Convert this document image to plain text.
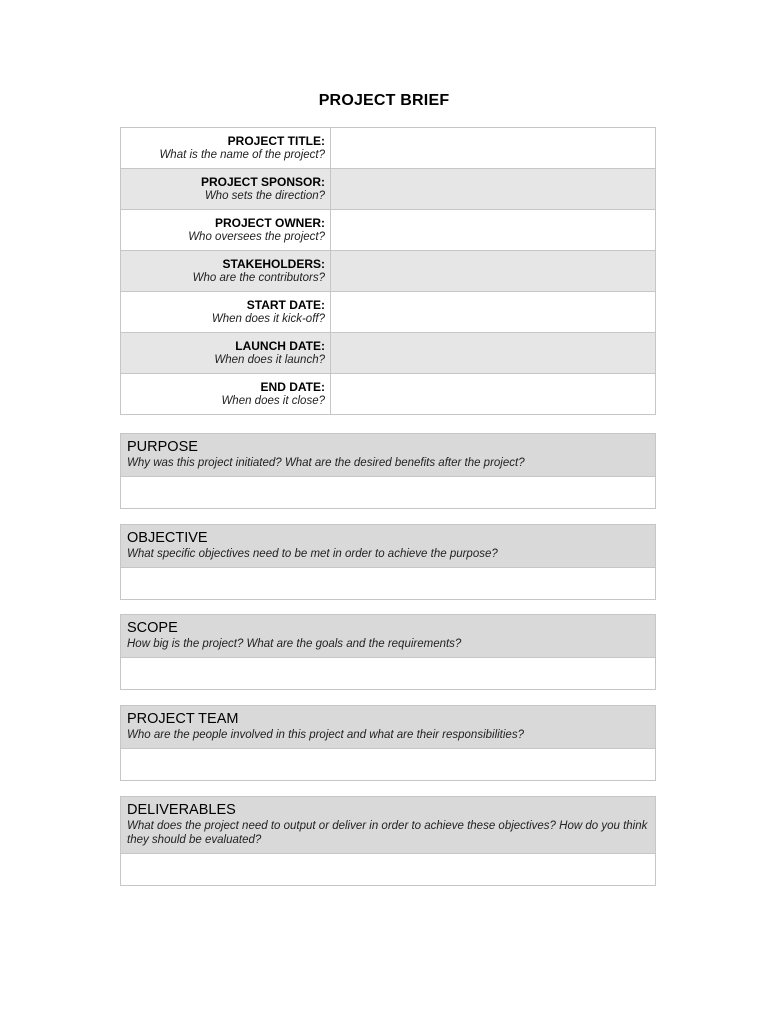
PROJECT BRIEF
PROJECT TITLE:
What is the name of the project?	

PROJECT SPONSOR:
Who sets the direction?	

PROJECT OWNER:
Who oversees the project?	

STAKEHOLDERS:
Who are the contributors?	

START DATE:
When does it kick-off?	

LAUNCH DATE:
When does it launch?	

END DATE:
When does it close?	

PURPOSE
Why was this project initiated? What are the desired benefits after the project?
OBJECTIVE
What specific objectives need to be met in order to achieve the purpose?
SCOPE
How big is the project? What are the goals and the requirements?
PROJECT TEAM
Who are the people involved in this project and what are their responsibilities?
DELIVERABLES
What does the project need to output or deliver in order to achieve these objectives? How do you think they should be evaluated?
